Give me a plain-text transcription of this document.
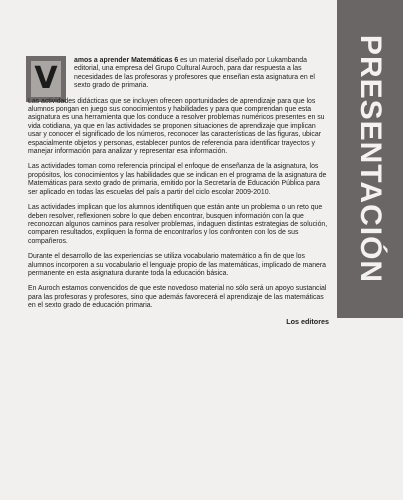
PRESENTACIÓN
V

amos a aprender Matemáticas 6 es un material diseñado por Lukambanda editorial, una empresa del Grupo Cultural Auroch, para dar respuesta a las necesidades de las profesoras y profesores que enseñan esta asignatura en el sexto grado de primaria.

Las actividades didácticas que se incluyen ofrecen oportunidades de aprendizaje para que los alumnos pongan en juego sus conocimientos y habilidades y para que comprendan que esta asignatura es una herramienta que los conduce a resolver problemas numéricos presentes en su vida cotidiana, ya que en las actividades se proponen situaciones de aprendizaje que implican usar y conocer el significado de los números, reconocer las características de las figuras, ubicar espacialmente objetos y personas, establecer puntos de referencia para identificar trayectos y manejar información para analizar y representar esa información.

Las actividades toman como referencia principal el enfoque de enseñanza de la asignatura, los propósitos, los conocimientos y las habilidades que se indican en el programa de la asignatura de Matemáticas para sexto grado de primaria, emitido por la Secretaría de Educación Pública para ser aplicado en todas las escuelas del país a partir del ciclo escolar 2009-2010.

Las actividades implican que los alumnos identifiquen que están ante un problema o un reto que deben resolver, reflexionen sobre lo que deben encontrar, busquen información con la que reconozcan algunos caminos para resolver problemas, indaguen distintas estrategias de solución, comparen resultados, expliquen la forma de encontrarlos y los confronten con los de sus compañeros.

Durante el desarrollo de las experiencias se utiliza vocabulario matemático a fin de que los alumnos incorporen a su vocabulario el lenguaje propio de las matemáticas, implicado de manera permanente en esta asignatura durante toda la educación básica.

En Auroch estamos convencidos de que este novedoso material no sólo será un apoyo sustancial para las profesoras y profesores, sino que además favorecerá el aprendizaje de las matemáticas en el sexto grado de educación primaria.

Los editores
